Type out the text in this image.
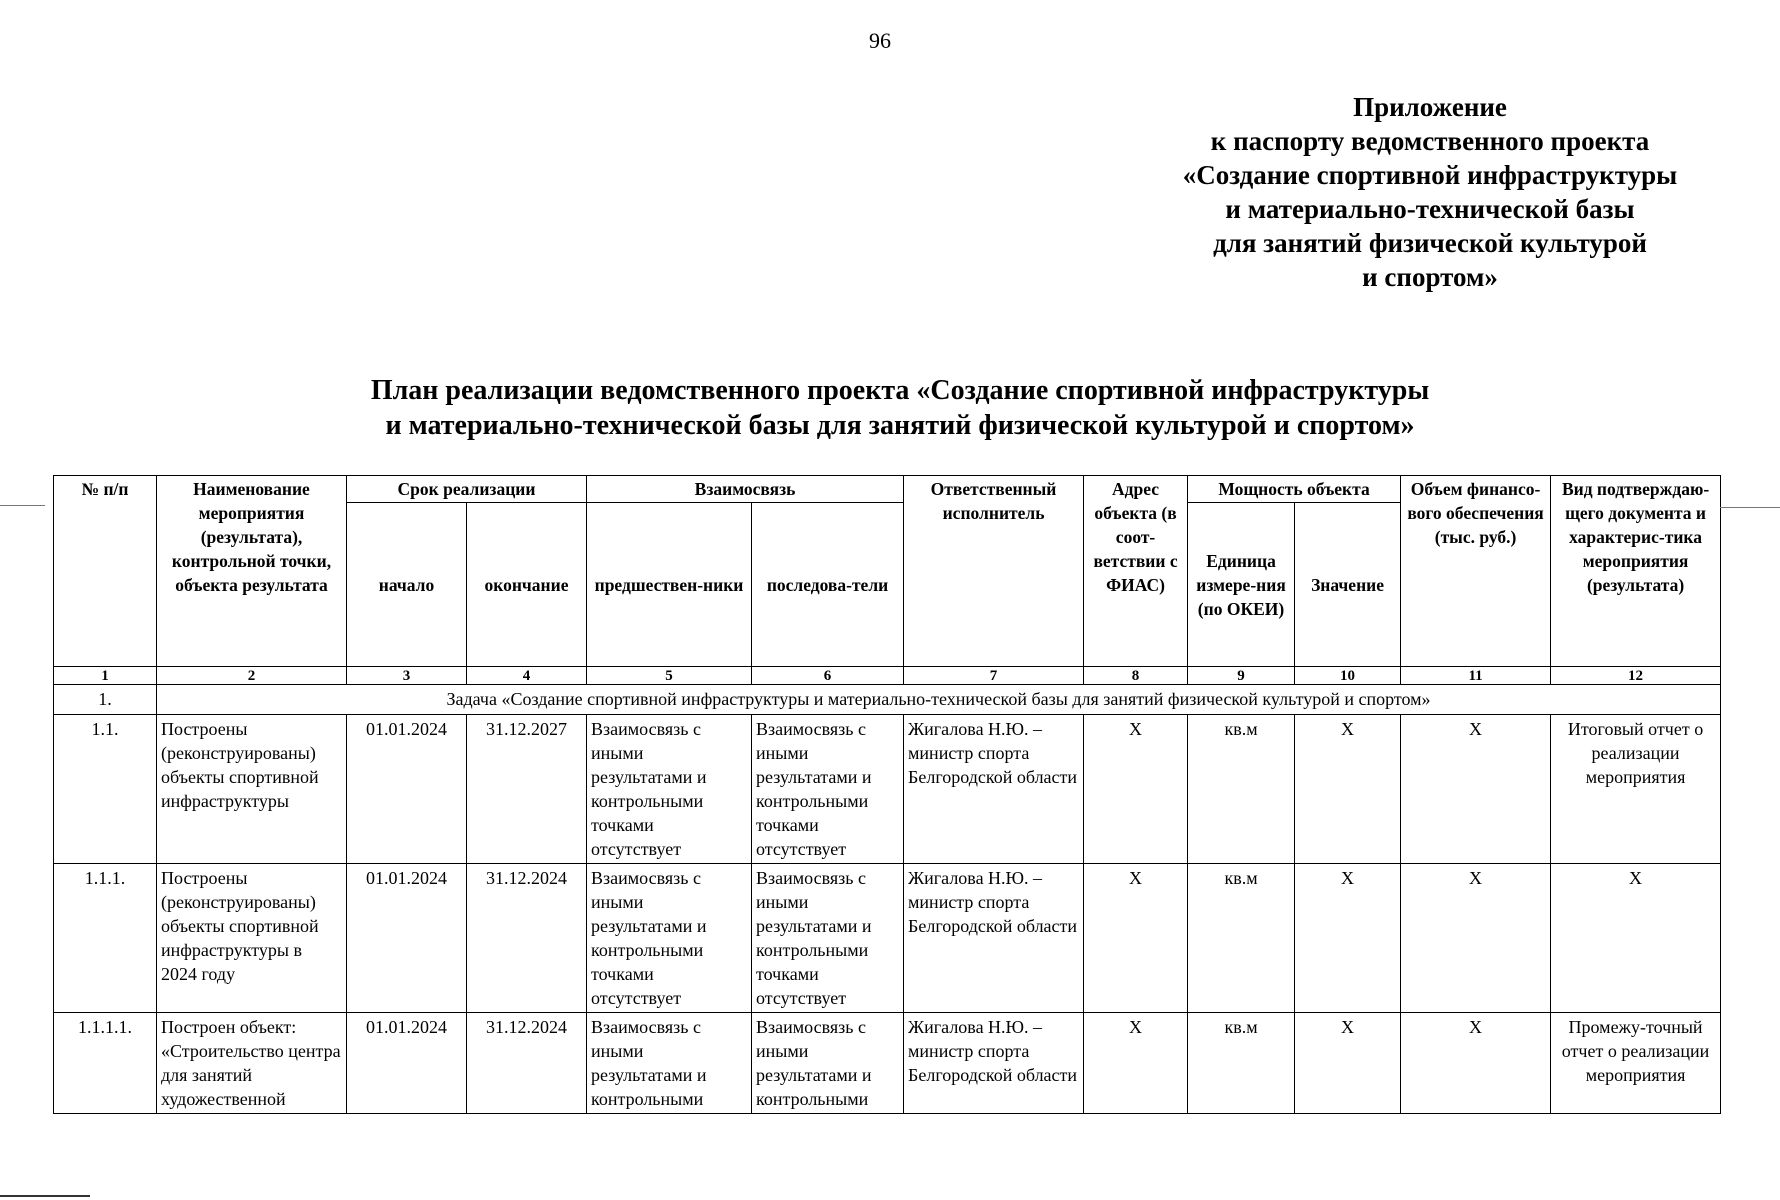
96
Приложение
к паспорту ведомственного проекта
«Создание спортивной инфраструктуры
и материально-технической базы
для занятий физической культурой
и спортом»
План реализации ведомственного проекта «Создание спортивной инфраструктуры
и материально-технической базы для занятий физической культурой и спортом»
№ п/п	Наименование мероприятия (результата), контрольной точки, объекта результата	Срок реализации		Взаимосвязь		Ответственный исполнитель	Адрес объекта (в соот-ветствии с ФИАС)	Мощность объекта		Объем финансо-вого обеспечения (тыс. руб.)	Вид подтверждаю-щего документа и характерис-тика мероприятия (результата)
		начало	окончание	предшествен-ники	последова-тели			Единица измере-ния (по ОКЕИ)	Значение		
1	2	3	4	5	6	7	8	9	10	11	12
1.	Задача «Создание спортивной инфраструктуры и материально-технической базы для занятий физической культурой и спортом»										
1.1.	Построены (реконструированы) объекты спортивной инфраструктуры	01.01.2024	31.12.2027	Взаимосвязь с иными результатами и контрольными точками отсутствует	Взаимосвязь с иными результатами и контрольными точками отсутствует	Жигалова Н.Ю. – министр спорта Белгородской области	Х	кв.м	Х	Х	Итоговый отчет о реализации мероприятия
1.1.1.	Построены (реконструированы) объекты спортивной инфраструктуры в 2024 году	01.01.2024	31.12.2024	Взаимосвязь с иными результатами и контрольными точками отсутствует	Взаимосвязь с иными результатами и контрольными точками отсутствует	Жигалова Н.Ю. – министр спорта Белгородской области	Х	кв.м	Х	Х	Х
1.1.1.1.	Построен объект: «Строительство центра для занятий художественной	01.01.2024	31.12.2024	Взаимосвязь с иными результатами и контрольными	Взаимосвязь с иными результатами и контрольными	Жигалова Н.Ю. – министр спорта Белгородской области	Х	кв.м	Х	Х	Промежу-точный отчет о реализации мероприятия
